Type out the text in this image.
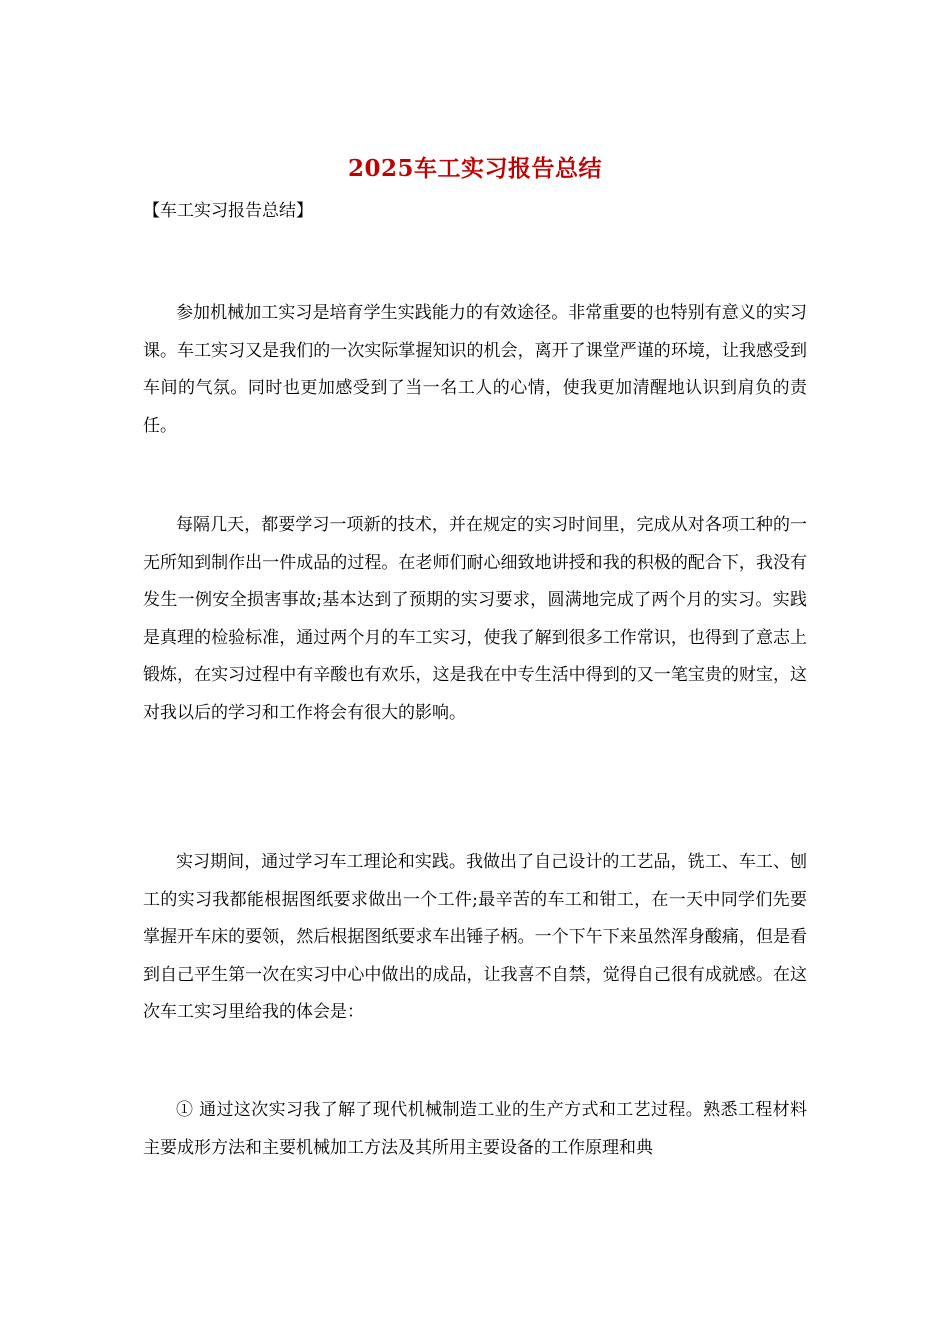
2025车工实习报告总结
【车工实习报告总结】

参加机械加工实习是培育学生实践能力的有效途径。非常重要的也特别有意义的实习课。车工实习又是我们的一次实际掌握知识的机会，离开了课堂严谨的环境，让我感受到车间的气氛。同时也更加感受到了当一名工人的心情，使我更加清醒地认识到肩负的责任。

每隔几天，都要学习一项新的技术，并在规定的实习时间里，完成从对各项工种的一无所知到制作出一件成品的过程。在老师们耐心细致地讲授和我的积极的配合下，我没有发生一例安全损害事故;基本达到了预期的实习要求，圆满地完成了两个月的实习。实践是真理的检验标准，通过两个月的车工实习，使我了解到很多工作常识，也得到了意志上锻炼，在实习过程中有辛酸也有欢乐，这是我在中专生活中得到的又一笔宝贵的财宝，这对我以后的学习和工作将会有很大的影响。

实习期间，通过学习车工理论和实践。我做出了自己设计的工艺品，铣工、车工、刨工的实习我都能根据图纸要求做出一个工件;最辛苦的车工和钳工，在一天中同学们先要掌握开车床的要领，然后根据图纸要求车出锤子柄。一个下午下来虽然浑身酸痛，但是看到自己平生第一次在实习中心中做出的成品，让我喜不自禁，觉得自己很有成就感。在这次车工实习里给我的体会是：

① 通过这次实习我了解了现代机械制造工业的生产方式和工艺过程。熟悉工程材料主要成形方法和主要机械加工方法及其所用主要设备的工作原理和典
